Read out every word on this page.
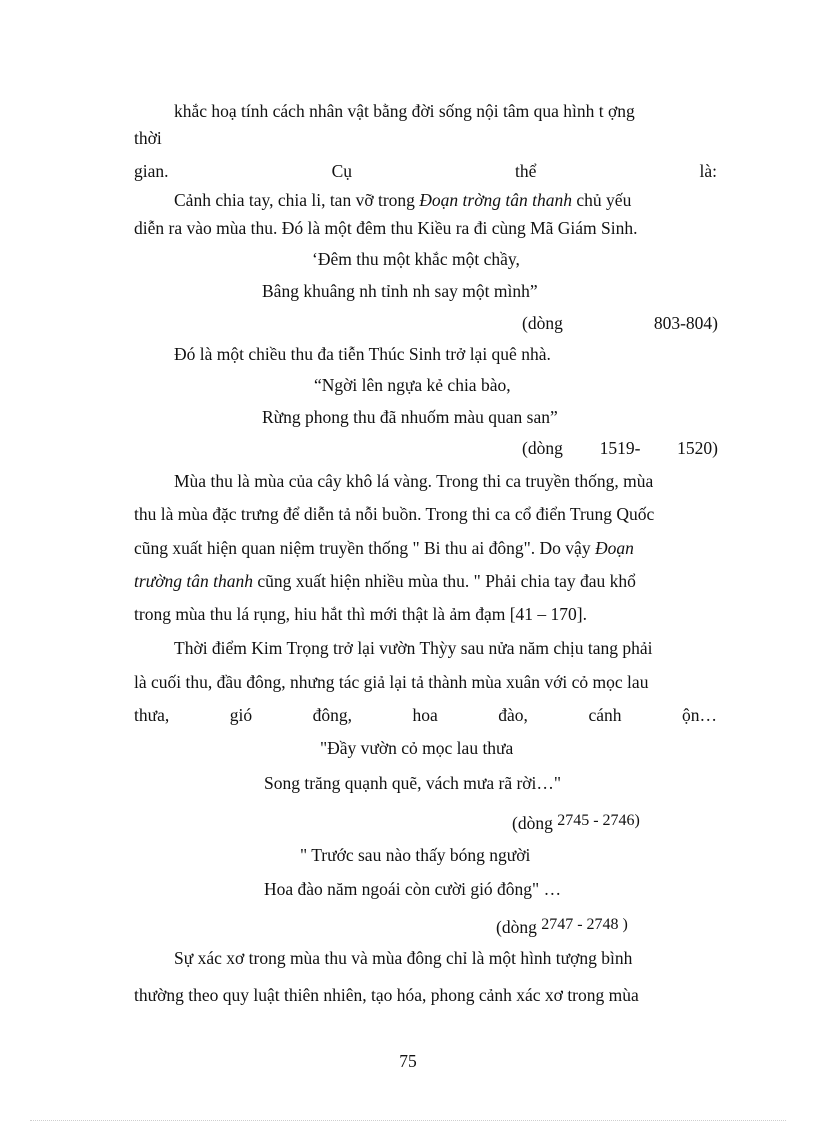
khắc hoạ tính cách nhân vật bằng đời sống nội tâm qua hình t ợng

thời

gian.	Cụ	thể	là:

Cảnh chia tay, chia li, tan vỡ trong Đoạn trờng tân thanh chủ yếu

diễn ra vào mùa thu. Đó là một đêm thu Kiều ra đi cùng Mã Giám Sinh.

‘Đêm thu một khắc một chầy,

Bâng khuâng nh tỉnh nh say một mình”

(dòng	803-804)

Đó là một chiều thu đa tiễn Thúc Sinh trở lại quê nhà.

“Ngời lên ngựa kẻ chia bào,

Rừng phong thu đã nhuốm màu quan san”

(dòng 1519- 1520)

Mùa thu là mùa của cây khô lá vàng. Trong thi ca truyền thống, mùa

thu là mùa đặc trưng để diễn tả nỗi buồn. Trong thi ca cổ điển Trung Quốc

cũng xuất hiện quan niệm truyền thống " Bi thu ai đông". Do vậy Đoạn

trường tân thanh cũng xuất hiện nhiều mùa thu. " Phải chia tay đau khổ

trong mùa thu lá rụng, hiu hắt thì mới thật là ảm đạm [41 – 170].

Thời điểm Kim Trọng trở lại vườn Thỳy sau nửa năm chịu tang phải

là cuối thu, đầu đông, nhưng tác giả lại tả thành mùa xuân với cỏ mọc lau

thưa,	gió	đông,	hoa	đào,	cánh	ộn…

"Đầy vườn cỏ mọc lau thưa

Song trăng quạnh quẽ, vách mưa rã rời…"

(dòng $^{2745 - 2746)}$

" Trước sau nào thấy bóng người

Hoa đào năm ngoái còn cười gió đông" …

(dòng $^{2747 - 2748 )}$

Sự xác xơ trong mùa thu và mùa đông chỉ là một hình tượng bình

thường theo quy luật thiên nhiên, tạo hóa, phong cảnh xác xơ trong mùa

75
